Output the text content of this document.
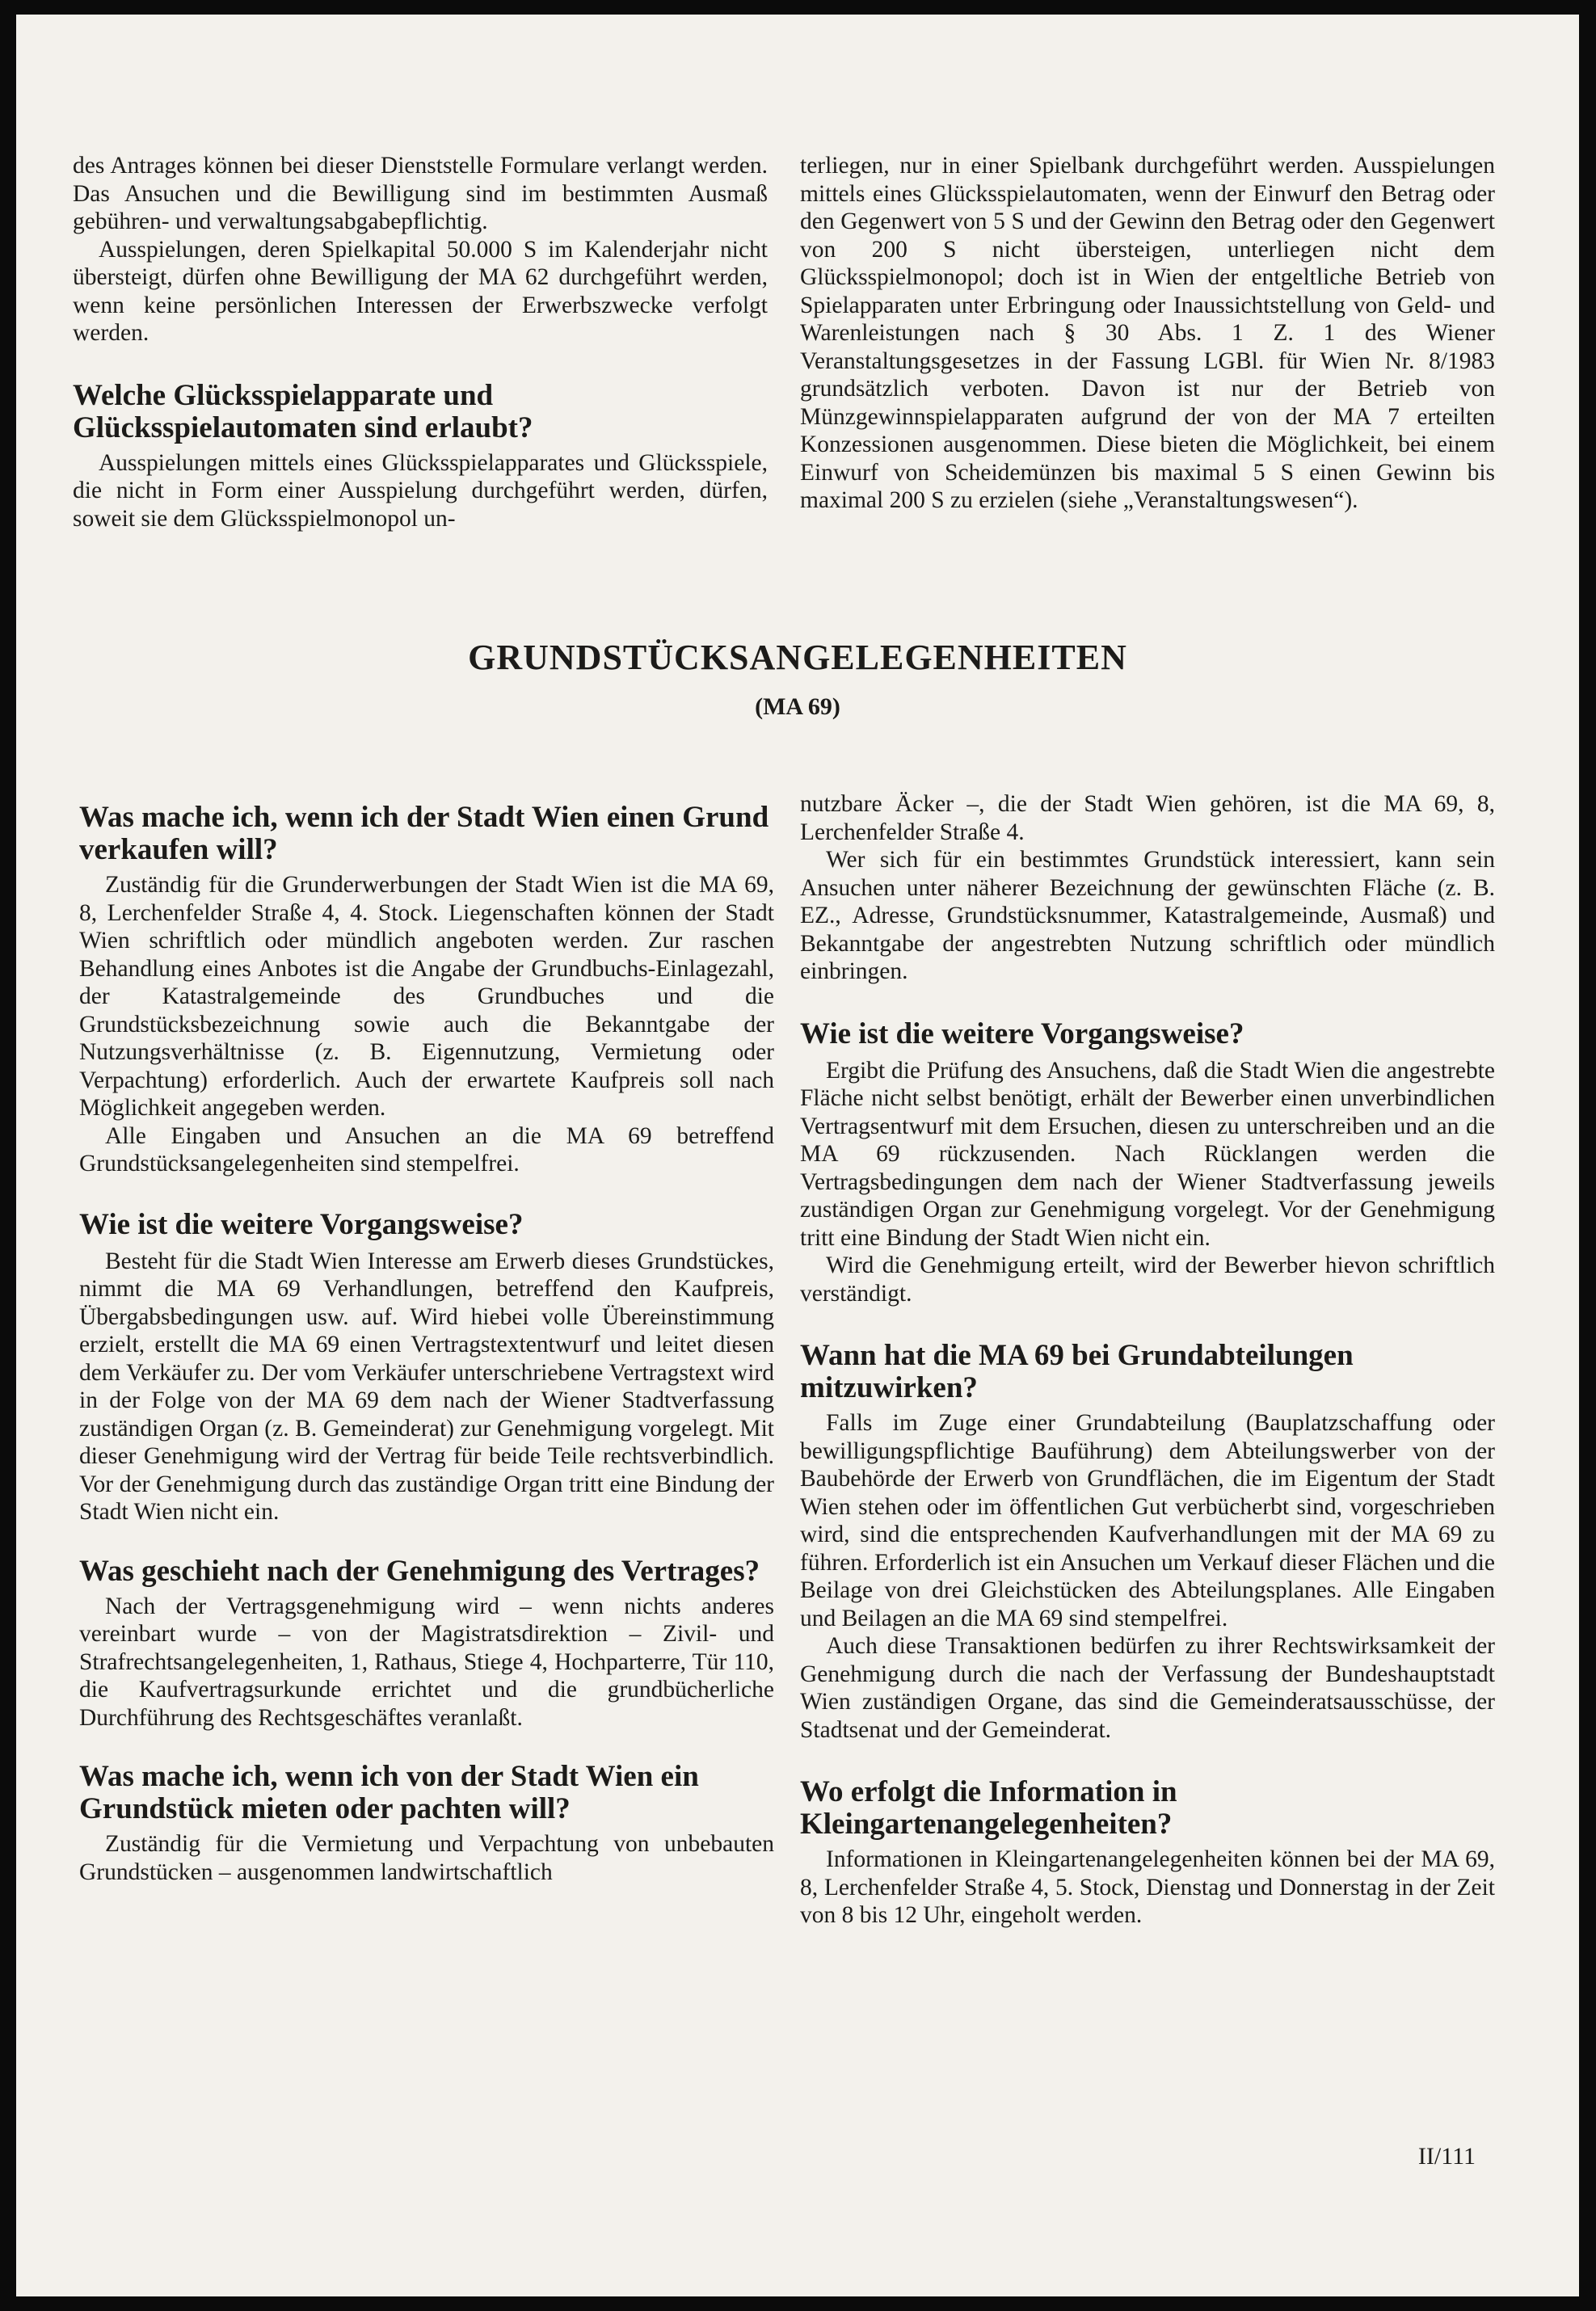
des Antrages können bei dieser Dienststelle Formulare verlangt werden. Das Ansuchen und die Bewilligung sind im bestimmten Ausmaß gebühren- und verwaltungsabgabepflichtig.

Ausspielungen, deren Spielkapital 50.000 S im Kalenderjahr nicht übersteigt, dürfen ohne Bewilligung der MA 62 durchgeführt werden, wenn keine persönlichen Interessen der Erwerbszwecke verfolgt werden.

Welche Glücksspielapparate und Glücksspielautomaten sind erlaubt?

Ausspielungen mittels eines Glücksspielapparates und Glücksspiele, die nicht in Form einer Ausspielung durchgeführt werden, dürfen, soweit sie dem Glücksspielmonopol un-

terliegen, nur in einer Spielbank durchgeführt werden. Ausspielungen mittels eines Glücksspielautomaten, wenn der Einwurf den Betrag oder den Gegenwert von 5 S und der Gewinn den Betrag oder den Gegenwert von 200 S nicht übersteigen, unterliegen nicht dem Glücksspielmonopol; doch ist in Wien der entgeltliche Betrieb von Spielapparaten unter Erbringung oder Inaussichtstellung von Geld- und Warenleistungen nach § 30 Abs. 1 Z. 1 des Wiener Veranstaltungsgesetzes in der Fassung LGBl. für Wien Nr. 8/1983 grundsätzlich verboten. Davon ist nur der Betrieb von Münzgewinnspielapparaten aufgrund der von der MA 7 erteilten Konzessionen ausgenommen. Diese bieten die Möglichkeit, bei einem Einwurf von Scheidemünzen bis maximal 5 S einen Gewinn bis maximal 200 S zu erzielen (siehe „Veranstaltungswesen“).

GRUNDSTÜCKSANGELEGENHEITEN
(MA 69)
Was mache ich, wenn ich der Stadt Wien einen Grund verkaufen will?

Zuständig für die Grunderwerbungen der Stadt Wien ist die MA 69, 8, Lerchenfelder Straße 4, 4. Stock. Liegenschaften können der Stadt Wien schriftlich oder mündlich angeboten werden. Zur raschen Behandlung eines Anbotes ist die Angabe der Grundbuchs-Einlagezahl, der Katastralgemeinde des Grundbuches und die Grundstücksbezeichnung sowie auch die Bekanntgabe der Nutzungsverhältnisse (z. B. Eigennutzung, Vermietung oder Verpachtung) erforderlich. Auch der erwartete Kaufpreis soll nach Möglichkeit angegeben werden.

Alle Eingaben und Ansuchen an die MA 69 betreffend Grundstücksangelegenheiten sind stempelfrei.

Wie ist die weitere Vorgangsweise?

Besteht für die Stadt Wien Interesse am Erwerb dieses Grundstückes, nimmt die MA 69 Verhandlungen, betreffend den Kaufpreis, Übergabsbedingungen usw. auf. Wird hiebei volle Übereinstimmung erzielt, erstellt die MA 69 einen Vertragstextentwurf und leitet diesen dem Verkäufer zu. Der vom Verkäufer unterschriebene Vertragstext wird in der Folge von der MA 69 dem nach der Wiener Stadtverfassung zuständigen Organ (z. B. Gemeinderat) zur Genehmigung vorgelegt. Mit dieser Genehmigung wird der Vertrag für beide Teile rechtsverbindlich. Vor der Genehmigung durch das zuständige Organ tritt eine Bindung der Stadt Wien nicht ein.

Was geschieht nach der Genehmigung des Vertrages?

Nach der Vertragsgenehmigung wird – wenn nichts anderes vereinbart wurde – von der Magistratsdirektion – Zivil- und Strafrechtsangelegenheiten, 1, Rathaus, Stiege 4, Hochparterre, Tür 110, die Kaufvertragsurkunde errichtet und die grundbücherliche Durchführung des Rechtsgeschäftes veranlaßt.

Was mache ich, wenn ich von der Stadt Wien ein Grundstück mieten oder pachten will?

Zuständig für die Vermietung und Verpachtung von unbebauten Grundstücken – ausgenommen landwirtschaftlich

nutzbare Äcker –, die der Stadt Wien gehören, ist die MA 69, 8, Lerchenfelder Straße 4.

Wer sich für ein bestimmtes Grundstück interessiert, kann sein Ansuchen unter näherer Bezeichnung der gewünschten Fläche (z. B. EZ., Adresse, Grundstücksnummer, Katastralgemeinde, Ausmaß) und Bekanntgabe der angestrebten Nutzung schriftlich oder mündlich einbringen.

Wie ist die weitere Vorgangsweise?

Ergibt die Prüfung des Ansuchens, daß die Stadt Wien die angestrebte Fläche nicht selbst benötigt, erhält der Bewerber einen unverbindlichen Vertragsentwurf mit dem Ersuchen, diesen zu unterschreiben und an die MA 69 rückzusenden. Nach Rücklangen werden die Vertragsbedingungen dem nach der Wiener Stadtverfassung jeweils zuständigen Organ zur Genehmigung vorgelegt. Vor der Genehmigung tritt eine Bindung der Stadt Wien nicht ein.

Wird die Genehmigung erteilt, wird der Bewerber hievon schriftlich verständigt.

Wann hat die MA 69 bei Grundabteilungen mitzuwirken?

Falls im Zuge einer Grundabteilung (Bauplatzschaffung oder bewilligungspflichtige Bauführung) dem Abteilungswerber von der Baubehörde der Erwerb von Grundflächen, die im Eigentum der Stadt Wien stehen oder im öffentlichen Gut verbücherbt sind, vorgeschrieben wird, sind die entsprechenden Kaufverhandlungen mit der MA 69 zu führen. Erforderlich ist ein Ansuchen um Verkauf dieser Flächen und die Beilage von drei Gleichstücken des Abteilungsplanes. Alle Eingaben und Beilagen an die MA 69 sind stempelfrei.

Auch diese Transaktionen bedürfen zu ihrer Rechtswirksamkeit der Genehmigung durch die nach der Verfassung der Bundeshauptstadt Wien zuständigen Organe, das sind die Gemeinderatsausschüsse, der Stadtsenat und der Gemeinderat.

Wo erfolgt die Information in Kleingartenangelegenheiten?

Informationen in Kleingartenangelegenheiten können bei der MA 69, 8, Lerchenfelder Straße 4, 5. Stock, Dienstag und Donnerstag in der Zeit von 8 bis 12 Uhr, eingeholt werden.

II/111
